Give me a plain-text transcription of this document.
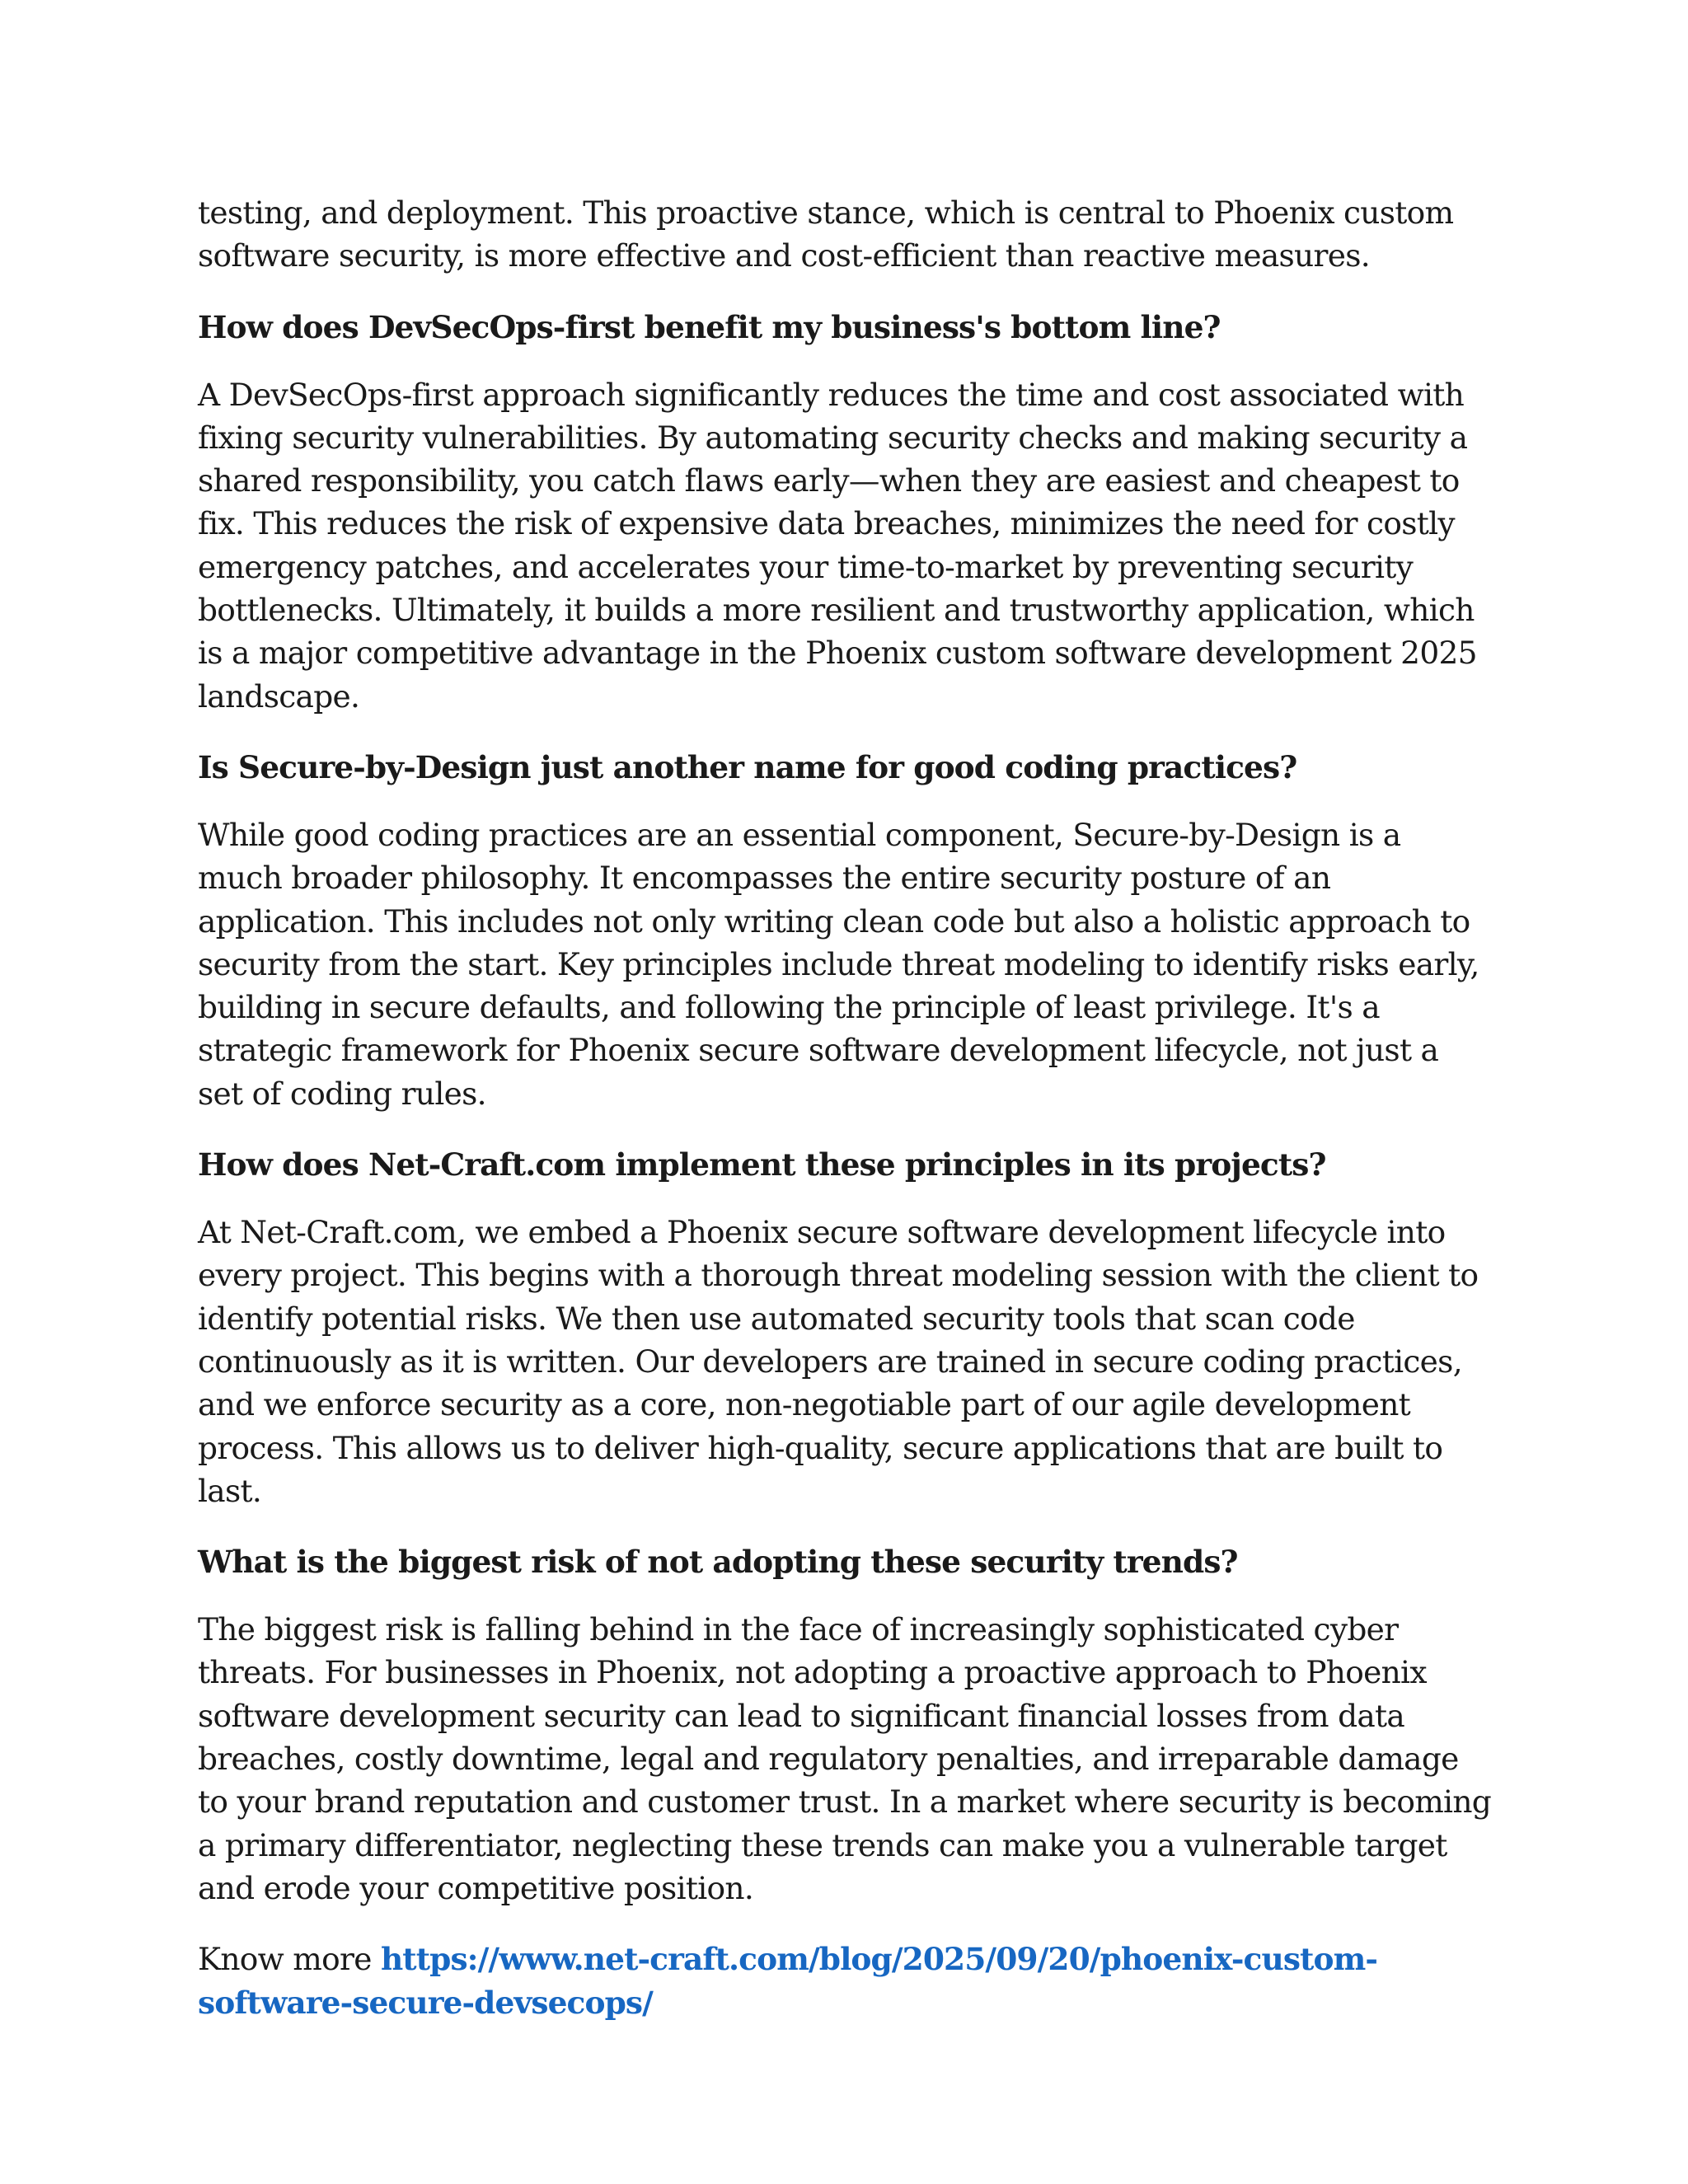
testing, and deployment. This proactive stance, which is central to Phoenix custom software security, is more effective and cost-efficient than reactive measures.

How does DevSecOps-first benefit my business's bottom line?

A DevSecOps-first approach significantly reduces the time and cost associated with fixing security vulnerabilities. By automating security checks and making security a shared responsibility, you catch flaws early—when they are easiest and cheapest to fix. This reduces the risk of expensive data breaches, minimizes the need for costly emergency patches, and accelerates your time-to-market by preventing security bottlenecks. Ultimately, it builds a more resilient and trustworthy application, which is a major competitive advantage in the Phoenix custom software development 2025 landscape.

Is Secure-by-Design just another name for good coding practices?

While good coding practices are an essential component, Secure-by-Design is a much broader philosophy. It encompasses the entire security posture of an application. This includes not only writing clean code but also a holistic approach to security from the start. Key principles include threat modeling to identify risks early, building in secure defaults, and following the principle of least privilege. It's a strategic framework for Phoenix secure software development lifecycle, not just a set of coding rules.

How does Net-Craft.com implement these principles in its projects?

At Net-Craft.com, we embed a Phoenix secure software development lifecycle into every project. This begins with a thorough threat modeling session with the client to identify potential risks. We then use automated security tools that scan code continuously as it is written. Our developers are trained in secure coding practices, and we enforce security as a core, non-negotiable part of our agile development process. This allows us to deliver high-quality, secure applications that are built to last.

What is the biggest risk of not adopting these security trends?

The biggest risk is falling behind in the face of increasingly sophisticated cyber threats. For businesses in Phoenix, not adopting a proactive approach to Phoenix software development security can lead to significant financial losses from data breaches, costly downtime, legal and regulatory penalties, and irreparable damage to your brand reputation and customer trust. In a market where security is becoming a primary differentiator, neglecting these trends can make you a vulnerable target and erode your competitive position.

Know more https://www.net-craft.com/blog/2025/09/20/phoenix-custom-software-secure-devsecops/
